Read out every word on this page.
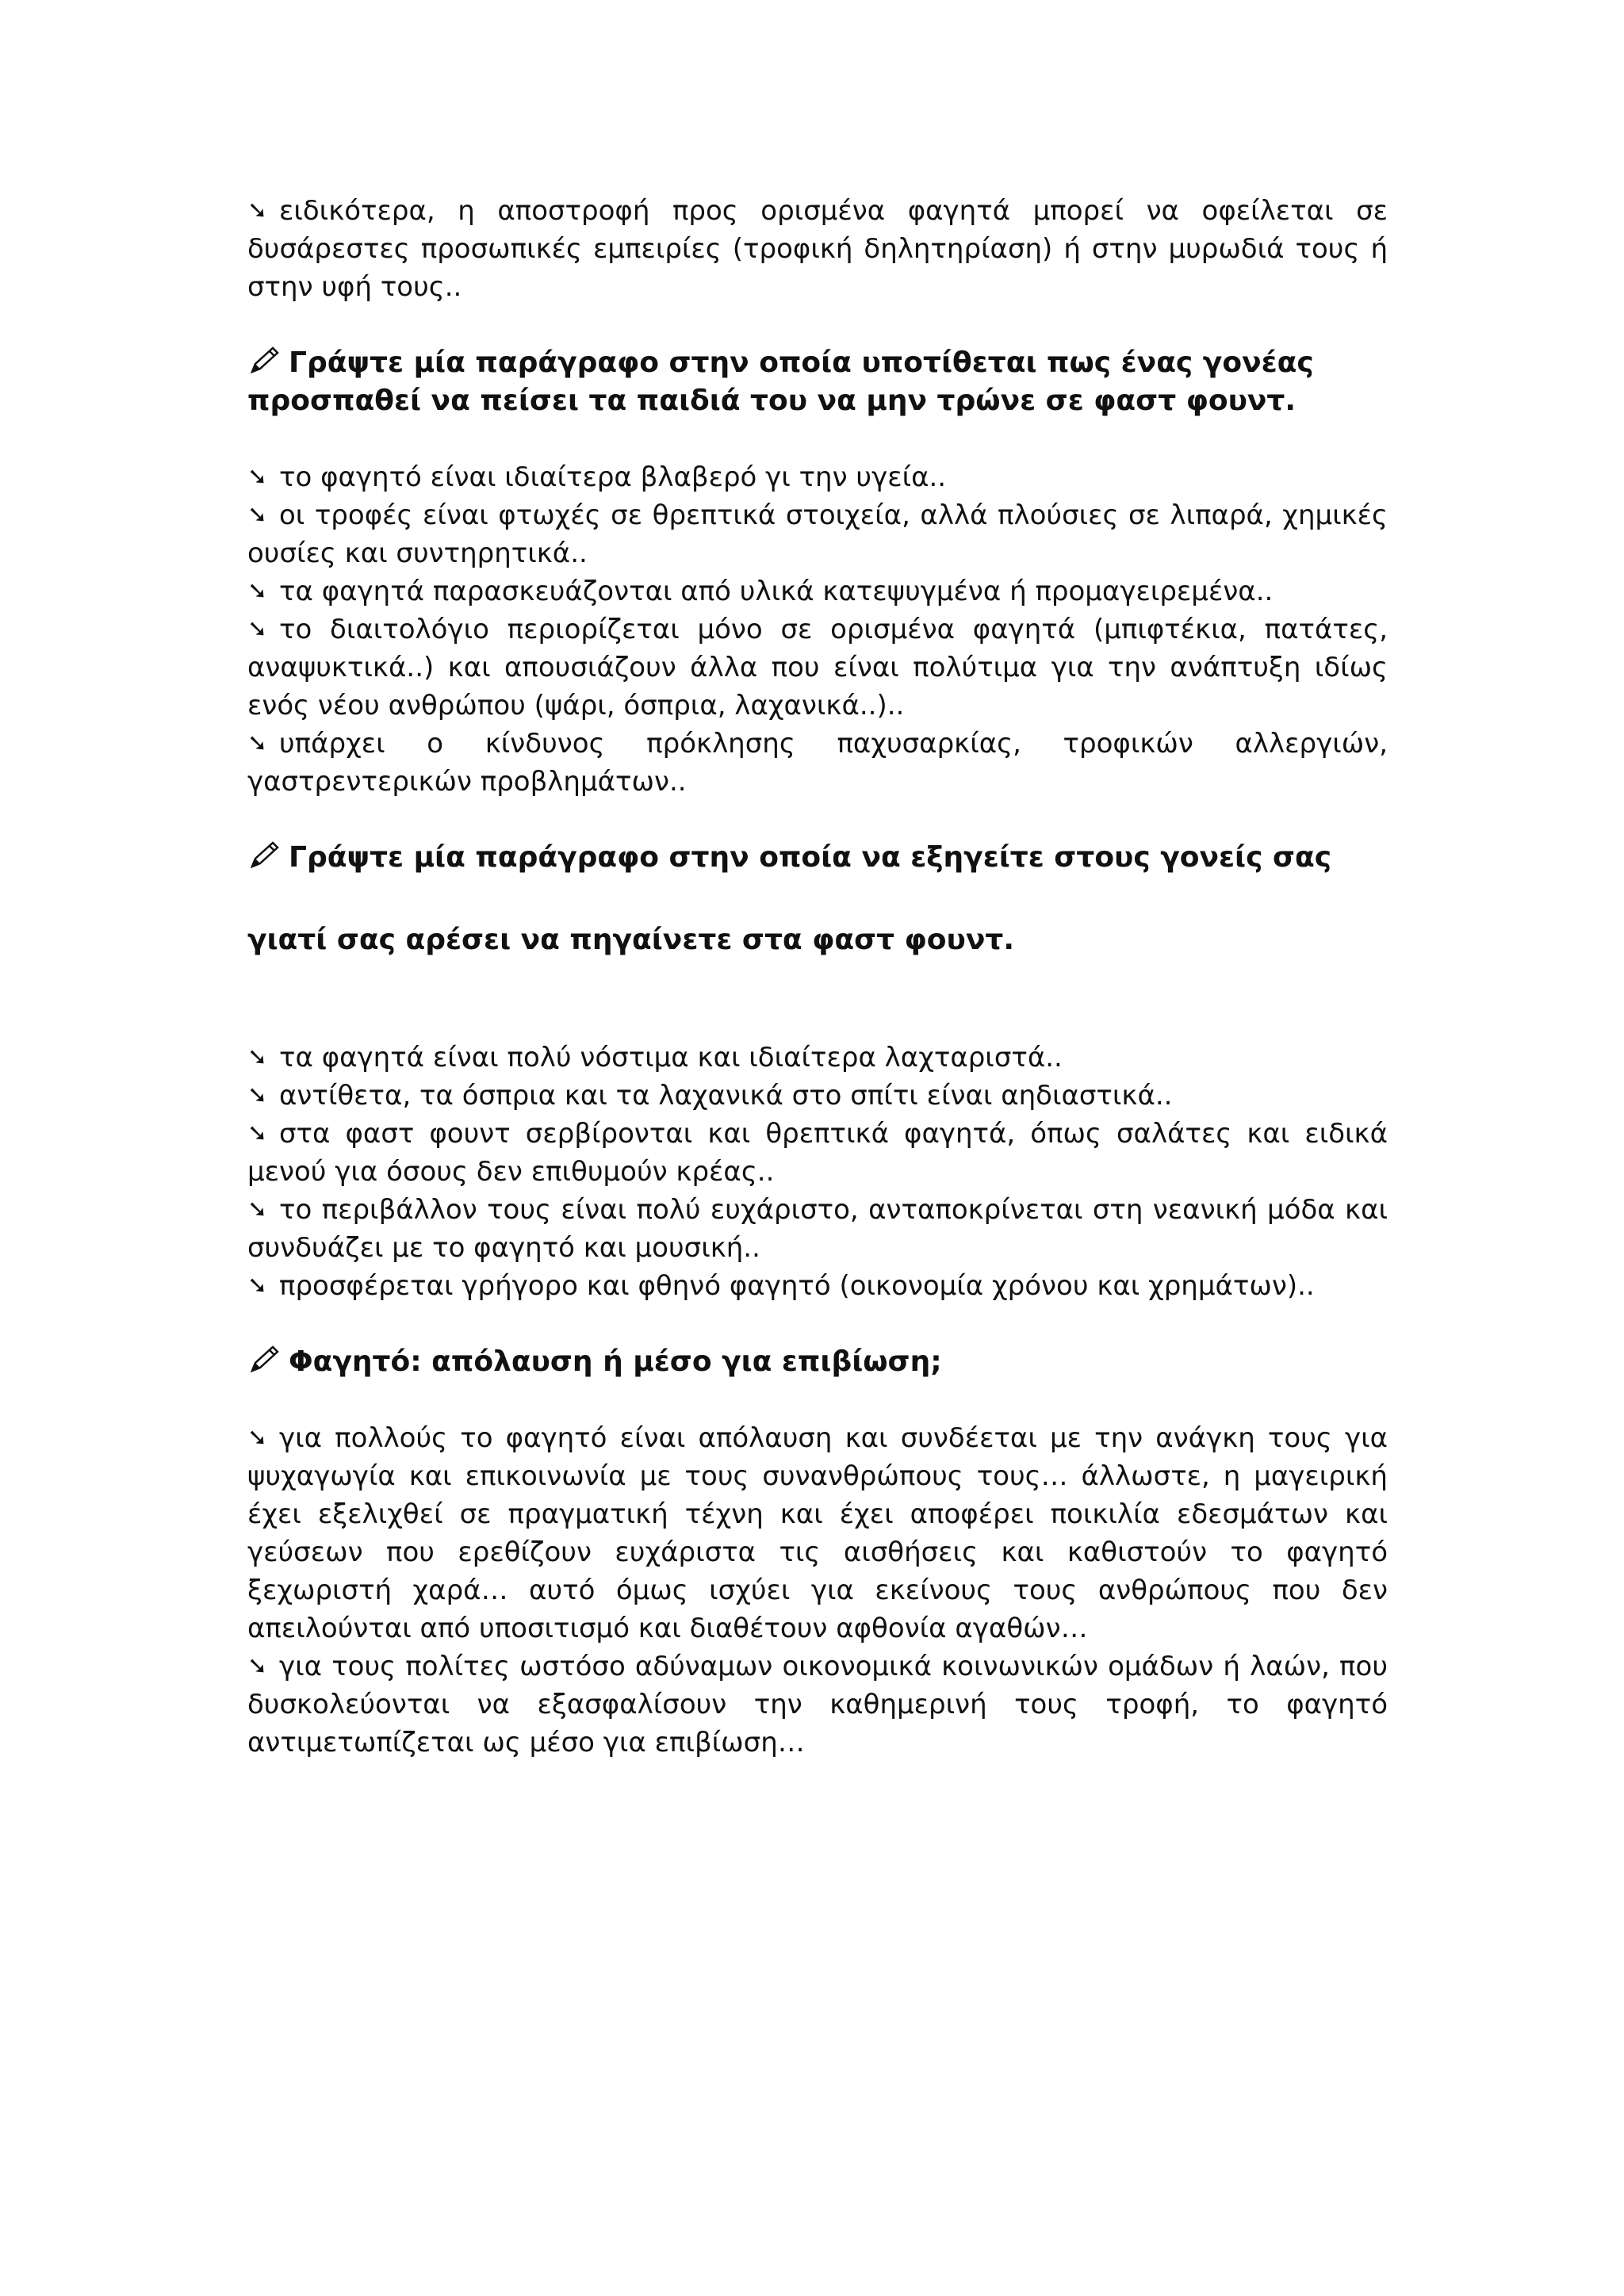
➘ ειδικότερα, η αποστροφή προς ορισμένα φαγητά μπορεί να οφείλεται σε δυσάρεστες προσωπικές εμπειρίες (τροφική δηλητηρίαση) ή στην μυρωδιά τους ή στην υφή τους..

Γράψτε μία παράγραφο στην οποία υποτίθεται πως ένας γονέας προσπαθεί να πείσει τα παιδιά του να μην τρώνε σε φαστ φουντ.

➘ το φαγητό είναι ιδιαίτερα βλαβερό γι την υγεία..

➘ οι τροφές είναι φτωχές σε θρεπτικά στοιχεία, αλλά πλούσιες σε λιπαρά, χημικές ουσίες και συντηρητικά..

➘ τα φαγητά παρασκευάζονται από υλικά κατεψυγμένα ή προμαγειρεμένα..

➘ το διαιτολόγιο περιορίζεται μόνο σε ορισμένα φαγητά (μπιφτέκια, πατάτες, αναψυκτικά..) και απουσιάζουν άλλα που είναι πολύτιμα για την ανάπτυξη ιδίως ενός νέου ανθρώπου (ψάρι, όσπρια, λαχανικά..)..

➘ υπάρχει ο κίνδυνος πρόκλησης παχυσαρκίας, τροφικών αλλεργιών, γαστρεντερικών προβλημάτων..

Γράψτε μία παράγραφο στην οποία να εξηγείτε στους γονείς σας

γιατί σας αρέσει να πηγαίνετε στα φαστ φουντ.

➘ τα φαγητά είναι πολύ νόστιμα και ιδιαίτερα λαχταριστά..

➘ αντίθετα, τα όσπρια και τα λαχανικά στο σπίτι είναι αηδιαστικά..

➘ στα φαστ φουντ σερβίρονται και θρεπτικά φαγητά, όπως σαλάτες και ειδικά μενού για όσους δεν επιθυμούν κρέας..

➘ το περιβάλλον τους είναι πολύ ευχάριστο, ανταποκρίνεται στη νεανική μόδα και συνδυάζει με το φαγητό και μουσική..

➘ προσφέρεται γρήγορο και φθηνό φαγητό (οικονομία χρόνου και χρημάτων)..

Φαγητό: απόλαυση ή μέσο για επιβίωση;

➘ για πολλούς το φαγητό είναι απόλαυση και συνδέεται με την ανάγκη τους για ψυχαγωγία και επικοινωνία με τους συνανθρώπους τους… άλλωστε, η μαγειρική έχει εξελιχθεί σε πραγματική τέχνη και έχει αποφέρει ποικιλία εδεσμάτων και γεύσεων που ερεθίζουν ευχάριστα τις αισθήσεις και καθιστούν το φαγητό ξεχωριστή χαρά… αυτό όμως ισχύει για εκείνους τους ανθρώπους που δεν απειλούνται από υποσιτισμό και διαθέτουν αφθονία αγαθών…

➘ για τους πολίτες ωστόσο αδύναμων οικονομικά κοινωνικών ομάδων ή λαών, που δυσκολεύονται να εξασφαλίσουν την καθημερινή τους τροφή, το φαγητό αντιμετωπίζεται ως μέσο για επιβίωση…
